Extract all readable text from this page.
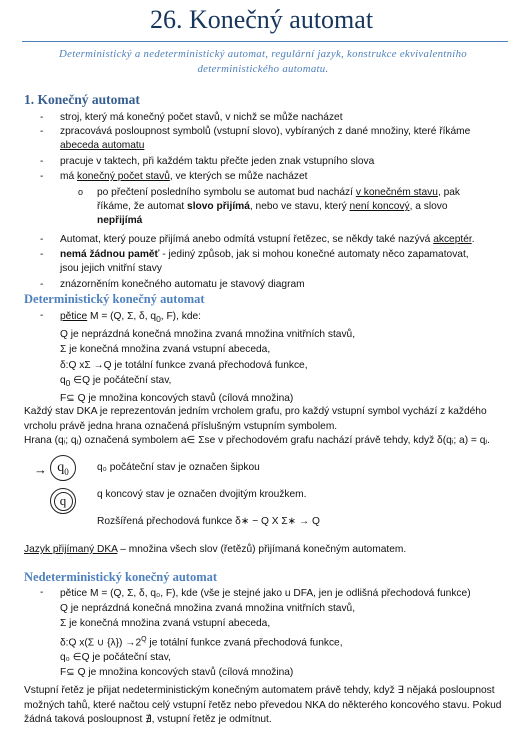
26. Konečný automat
Deterministický a nedeterministický automat, regulární jazyk, konstrukce ekvivalentního deterministického automatu.
1. Konečný automat
-	stroj, který má konečný počet stavů, v nichž se může nacházet
-	zpracovává posloupnost symbolů (vstupní slovo), vybíraných z dané množiny, které říkáme
abeceda automatu
-	pracuje v taktech, při každém taktu přečte jeden znak vstupního slova
-	má konečný počet stavů, ve kterých se může nacházet
o po přečtení posledního symbolu se automat bud nachází v konečném stavu, pak
říkáme, že automat slovo přijímá, nebo ve stavu, který není koncový, a slovo
nepřijímá
-	Automat, který pouze přijímá anebo odmítá vstupní řetězec, se někdy také nazývá akceptér.
-	nemá žádnou paměť - jediný způsob, jak si mohou konečné automaty něco zapamatovat,
jsou jejich vnitřní stavy
-	znázorněním konečného automatu je stavový diagram
Deterministický konečný automat
-	pětice M = (Q, Σ, δ, $q_0$, F), kde:
Q je neprázdná konečná množina zvaná množina vnitřních stavů,
Σ je konečná množina zvaná vstupní abeceda,
δ:Q xΣ →Q je totální funkce zvaná přechodová funkce,
$q_0$ ∈Q je počáteční stav,
F⊆ Q je množina koncových stavů (cílová množina)
Každý stav DKA je reprezentován jedním vrcholem grafu, pro každý vstupní symbol vychází z každého vrcholu právě jedna hrana označená příslušným vstupním symbolem.
Hrana (qᵢ; qⱼ) označená symbolem a∈ Σse v přechodovém grafu nachází právě tehdy, když δ(qᵢ; a) = qⱼ.
→ $q_0$	q₀ počáteční stav je označen šipkou
q	q koncový stav je označen dvojitým kroužkem.
Rozšířená přechodová funkce δ∗ − Q X Σ∗ → Q
Jazyk přijímaný DKA – množina všech slov (řetězů) přijímaná konečným automatem.
Nedeterministický konečný automat
-	pětice M = (Q, Σ, δ, q₀, F), kde (vše je stejné jako u DFA, jen je odlišná přechodová funkce)
Q je neprázdná konečná množina zvaná množina vnitřních stavů,
Σ je konečná množina zvaná vstupní abeceda,
δ:Q x(Σ ∪ $\{\lambda\}) \to 2^Q$ je totální funkce zvaná přechodová funkce,
q₀ ∈Q je počáteční stav,
F⊆ Q je množina koncových stavů (cílová množina)
Vstupní řetěz je přijat nedeterministickým konečným automatem právě tehdy, když ∃ nějaká posloupnost možných tahů, které načtou celý vstupní řetěz nebo převedou NKA do některého koncového stavu. Pokud žádná taková posloupnost ∄, vstupní řetěz je odmítnut.
